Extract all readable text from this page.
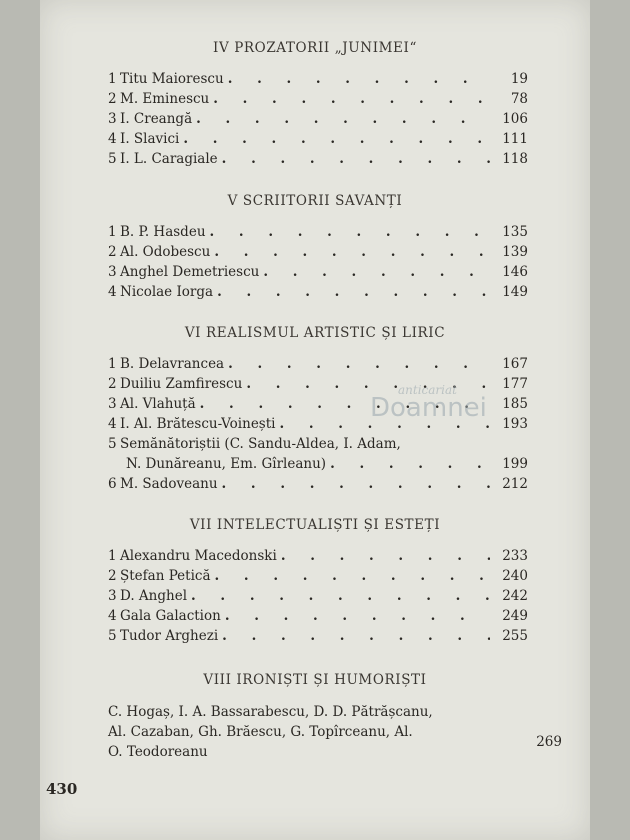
IV PROZATORII „JUNIMEI“
1 Titu Maiorescu . . .	19
2 M. Eminescu . . .	78
3 I. Creangă . . .	106
4 I. Slavici . . .	111
5 I. L. Caragiale . . .	118
V SCRIITORII SAVANȚI
1 B. P. Hasdeu . . .	135
2 Al. Odobescu . . .	139
3 Anghel Demetriescu . . .	146
4 Nicolae Iorga . . .	149
VI REALISMUL ARTISTIC ȘI LIRIC
1 B. Delavrancea . . .	167
2 Duiliu Zamfirescu . . .	177
3 Al. Vlahuță . . .	185
4 I. Al. Brătescu-Voinești . . .	193
5 Semănătoriștii (C. Sandu-Aldea, I. Adam,
N. Dunăreanu, Em. Gîrleanu) . . .	199
6 M. Sadoveanu . . .	212
VII INTELECTUALIȘTI ȘI ESTEȚI
1 Alexandru Macedonski . . .	233
2 Ștefan Petică . . .	240
3 D. Anghel . . .	242
4 Gala Galaction . . .	249
5 Tudor Arghezi . . .	255
VIII IRONIȘTI ȘI HUMORIȘTI
C. Hogaș, I. A. Bassarabescu, D. D. Pătrășcanu,
Al. Cazaban, Gh. Brăescu, G. Topîrceanu, Al.
O. Teodoreanu
269
430
anticariat
Doamnei
